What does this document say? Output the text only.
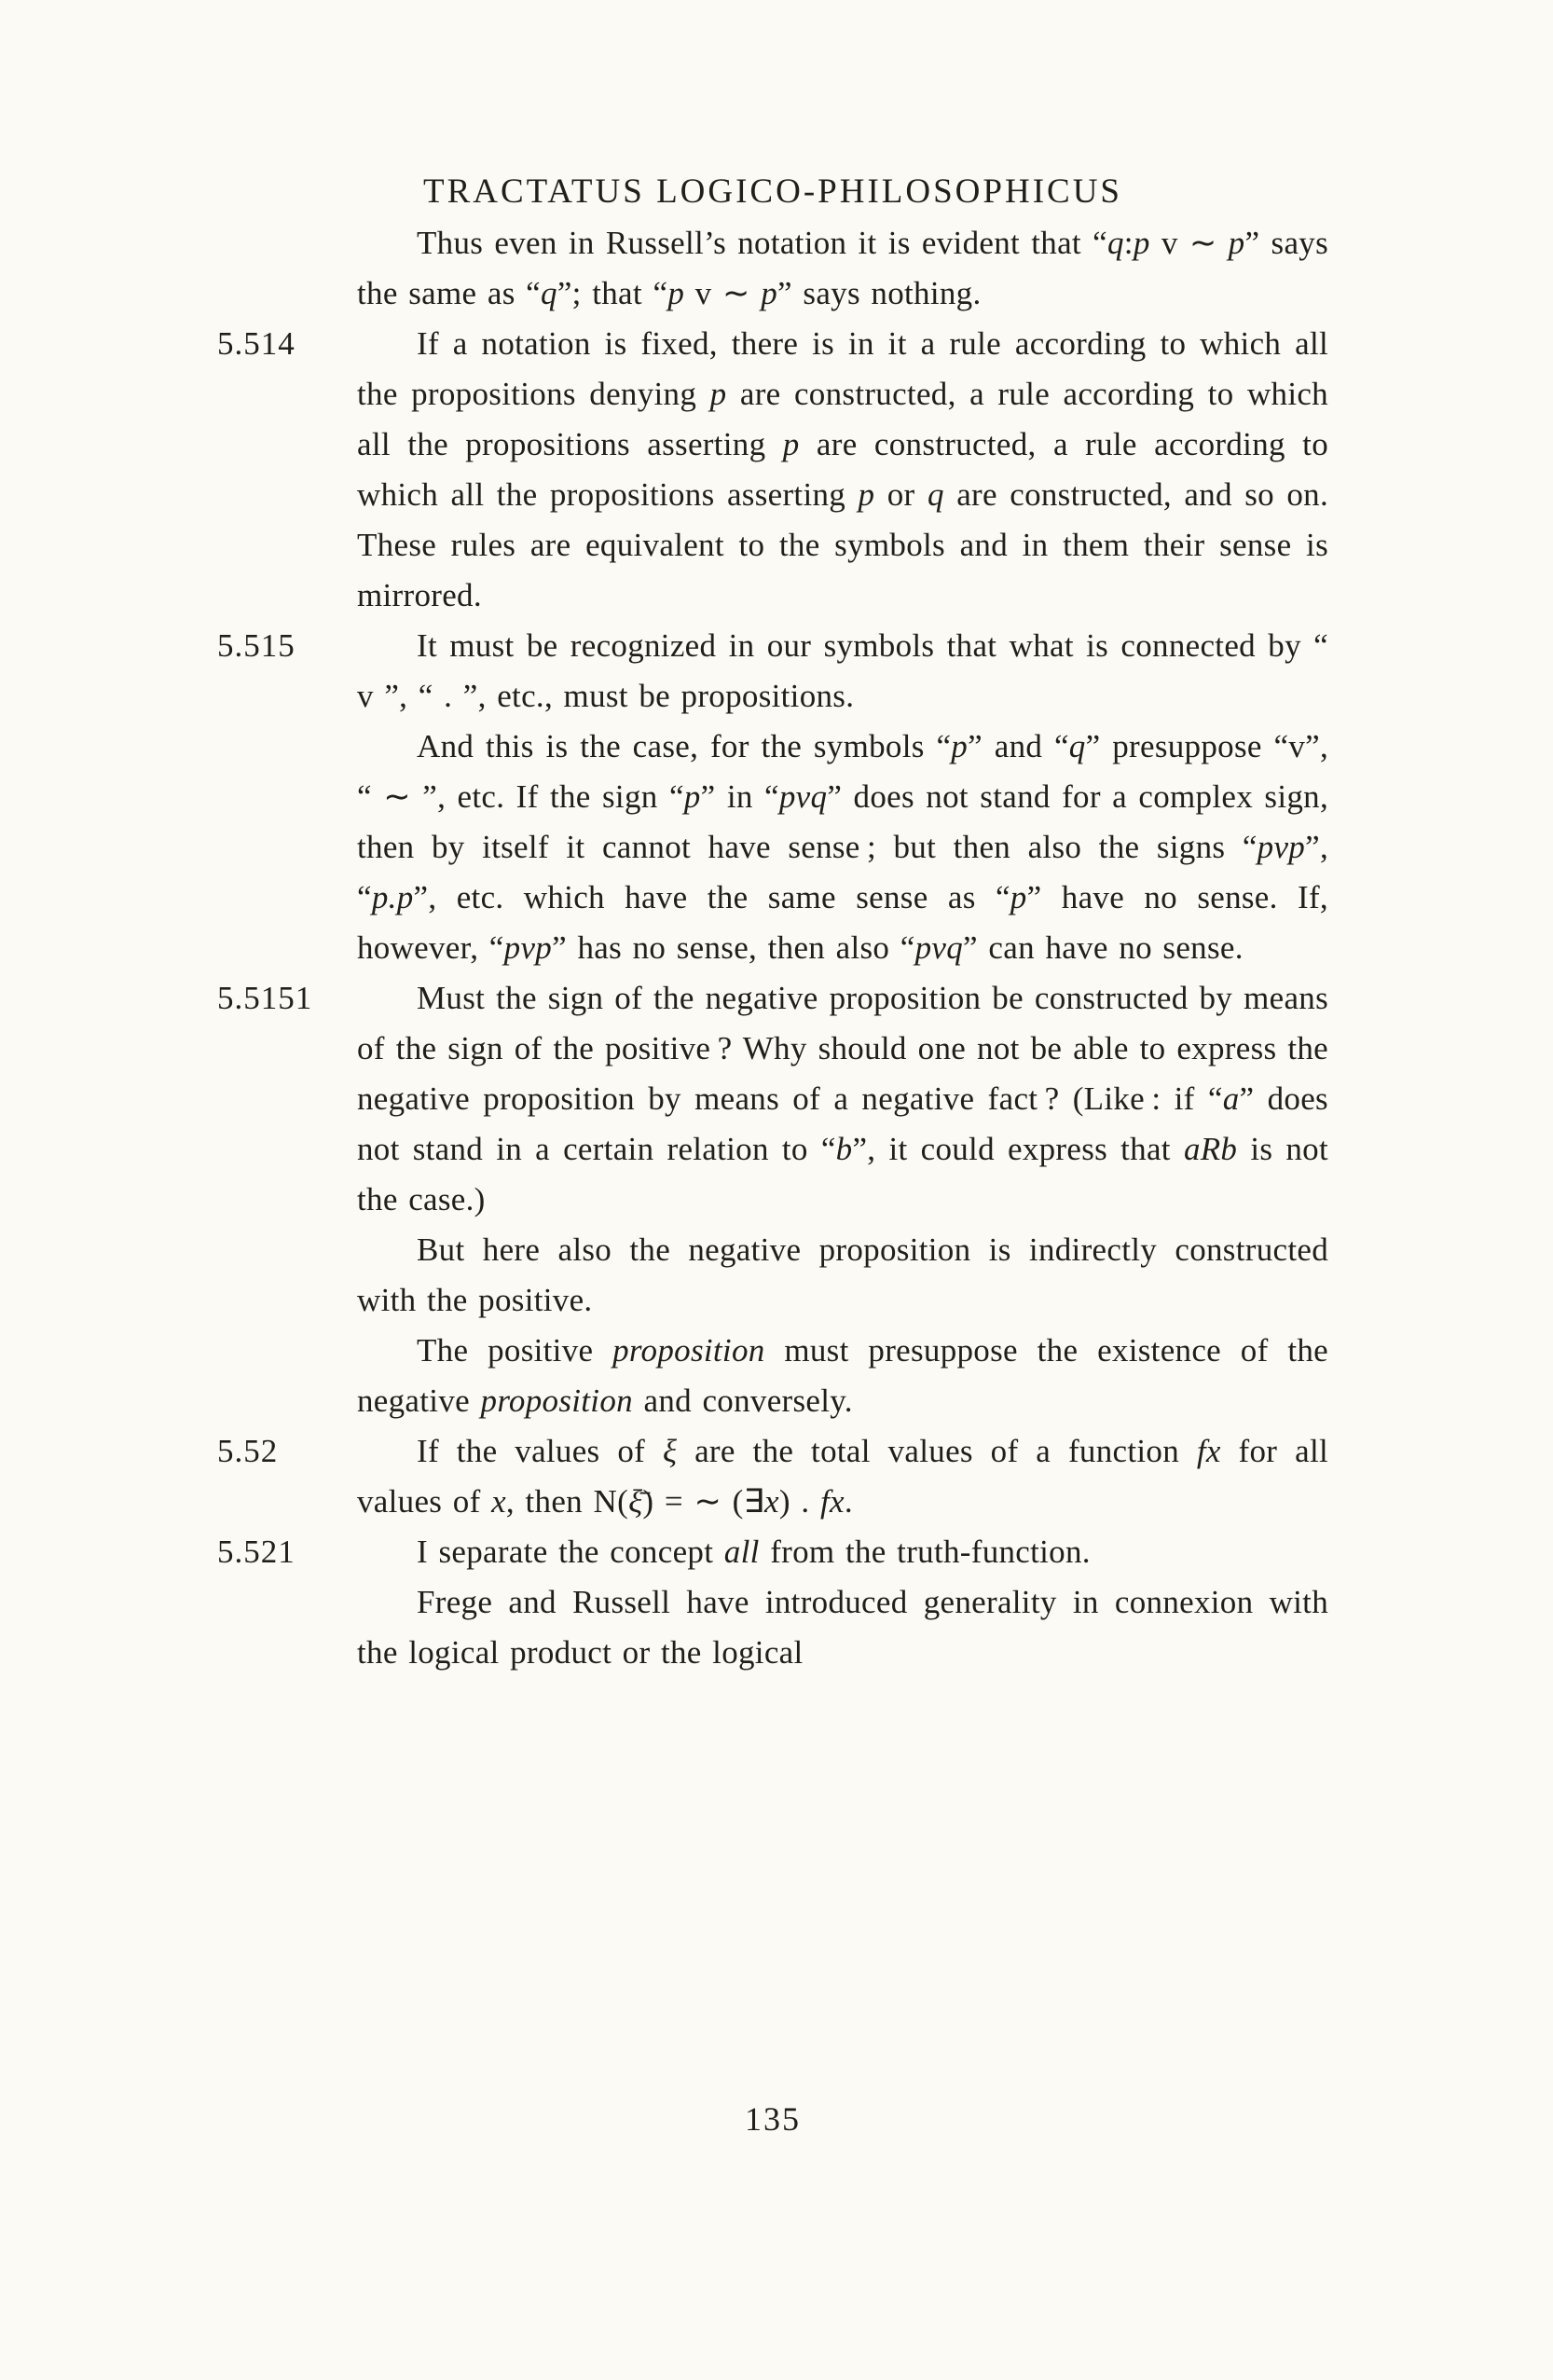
TRACTATUS LOGICO-PHILOSOPHICUS
Thus even in Russell’s notation it is evident that “q:p v ∼ p” says the same as “q”; that “p v ∼ p” says nothing.
5.514	If a notation is fixed, there is in it a rule according to which all the propositions denying p are constructed, a rule according to which all the propositions asserting p are constructed, a rule according to which all the propositions asserting p or q are constructed, and so on. These rules are equivalent to the symbols and in them their sense is mirrored.
5.515	It must be recognized in our symbols that what is connected by “ v ”, “ . ”, etc., must be propositions.
And this is the case, for the symbols “p” and “q” presuppose “v”, “ ∼ ”, etc. If the sign “p” in “pvq” does not stand for a complex sign, then by itself it cannot have sense ; but then also the signs “pvp”, “p.p”, etc. which have the same sense as “p” have no sense. If, however, “pvp” has no sense, then also “pvq” can have no sense.
5.5151	Must the sign of the negative proposition be constructed by means of the sign of the positive ? Why should one not be able to express the negative proposition by means of a negative fact ? (Like : if “a” does not stand in a certain relation to “b”, it could express that aRb is not the case.)
But here also the negative proposition is indirectly constructed with the positive.
The positive proposition must presuppose the existence of the negative proposition and conversely.
5.52	If the values of ξ are the total values of a function fx for all values of x, then N(ξ̄) = ∼ (∃x) . fx.
5.521	I separate the concept all from the truth-function.
Frege and Russell have introduced generality in connexion with the logical product or the logical
135
